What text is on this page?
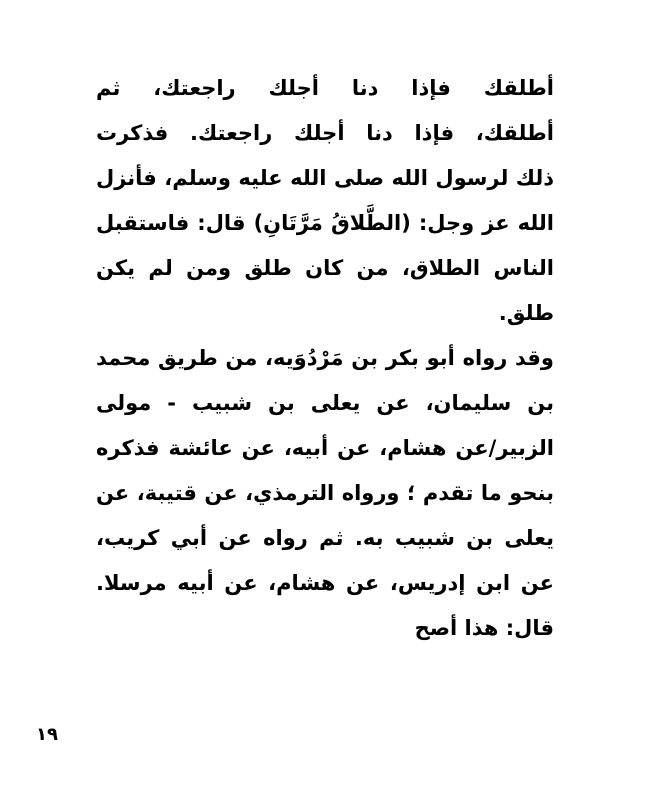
أطلقك فإذا دنا أجلك راجعتك، ثم
أطلقك، فإذا دنا أجلك راجعتك. فذكرت
ذلك لرسول الله صلى الله عليه وسلم، فأنزل
الله عز وجل: (الطَّلاقُ مَرَّتَانِ) قال: فاستقبل
الناس الطلاق، من كان طلق ومن لم يكن
طلق.
وقد رواه أبو بكر بن مَرْدُوَيه، من طريق محمد
بن سليمان، عن يعلى بن شبيب - مولى
الزبير/عن هشام، عن أبيه، عن عائشة فذكره
بنحو ما تقدم ؛ ورواه الترمذي، عن قتيبة، عن
يعلى بن شبيب به. ثم رواه عن أبي كريب،
عن ابن إدريس، عن هشام، عن أبيه مرسلا.
قال: هذا أصح
١٩
